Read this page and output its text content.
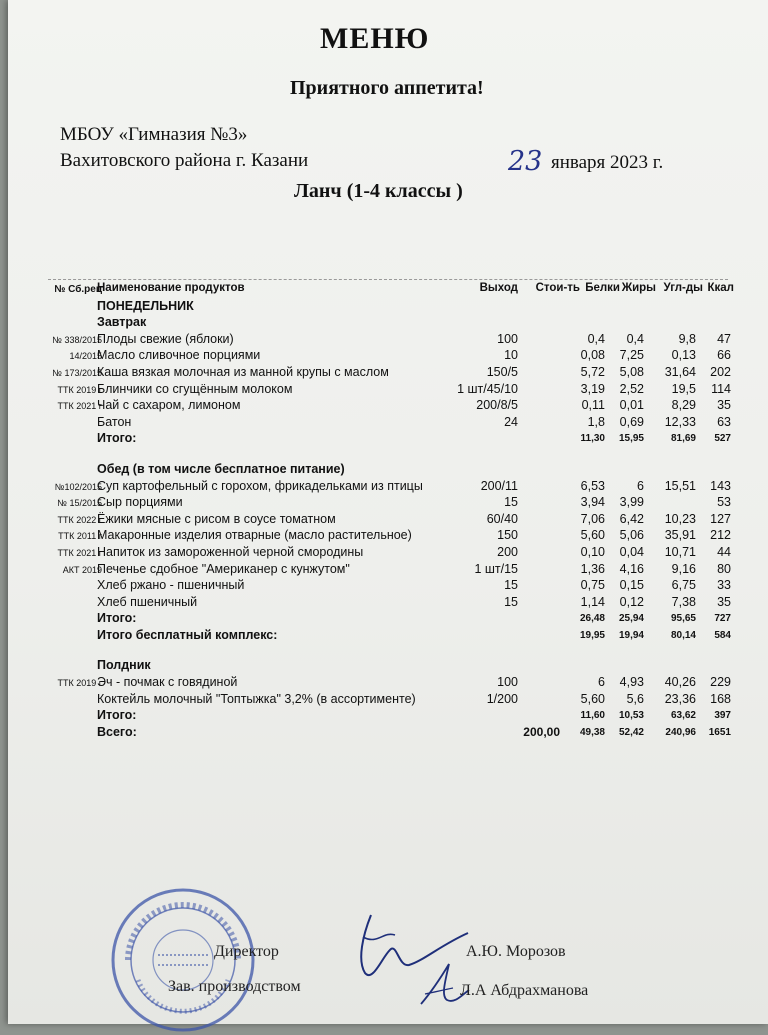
МЕНЮ
Приятного аппетита!
МБОУ «Гимназия №3»
Вахитовского района г. Казани	23 января 2023 г.
Ланч (1-4 классы )
№ Сб.рец
Наименование продуктов	Выход Стои-ть Белки Жиры Угл-ды Ккал
ПОНЕДЕЛЬНИК
Завтрак
№ 338/2015
Плоды свежие (яблоки)	100	0,4 0,4	9,8 47
14/2015
Масло сливочное порциями	10	0,08 7,25 0,13 66
№ 173/2015
Каша вязкая молочная из манной крупы с маслом	150/5	5,72 5,08 31,64 202
ТТК 2019 г
Блинчики со сгущённым молоком	1 шт/45/10	3,19 2,52 19,5 114
ТТК 2021 г
Чай с сахаром, лимоном	200/8/5	0,11 0,01 8,29 35
Батон	24	1,8 0,69 12,33 63
Итого:	11,30 15,95	81,69 527
Обед (в том числе бесплатное питание)
№102/2015
Суп картофельный с горохом, фрикадельками из птицы	200/11	6,53	6 15,51 143
№ 15/2015
Сыр порциями	15	3,94 3,99	53
ТТК 2022 г
Ёжики мясные с рисом в соусе томатном	60/40	7,06 6,42 10,23 127
ТТК 2011 г
Макаронные изделия отварные (масло растительное)	150	5,60 5,06 35,91 212
ТТК 2021 г
Напиток из замороженной черной смородины	200	0,10 0,04 10,71 44
АКТ 2019
Печенье сдобное "Американер с кунжутом"	1 шт/15	1,36 4,16 9,16 80
Хлеб ржано - пшеничный	15	0,75 0,15 6,75 33
Хлеб пшеничный	15	1,14 0,12 7,38 35
Итого:	26,48 25,94	95,65 727
Итого бесплатный комплекс:	19,95 19,94	80,14 584
Полдник
ТТК 2019 г
Эч - почмак с говядиной	100	6 4,93 40,26 229
Коктейль молочный "Топтыжка" 3,2% (в ассортименте)	1/200	5,60 5,6 23,36 168
Итого:	11,60 10,53	63,62 397
Всего:	200,00 49,38 52,42 240,96 1651
Директор	А.Ю. Морозов
Зав. производством	Л.А Абдрахманова
